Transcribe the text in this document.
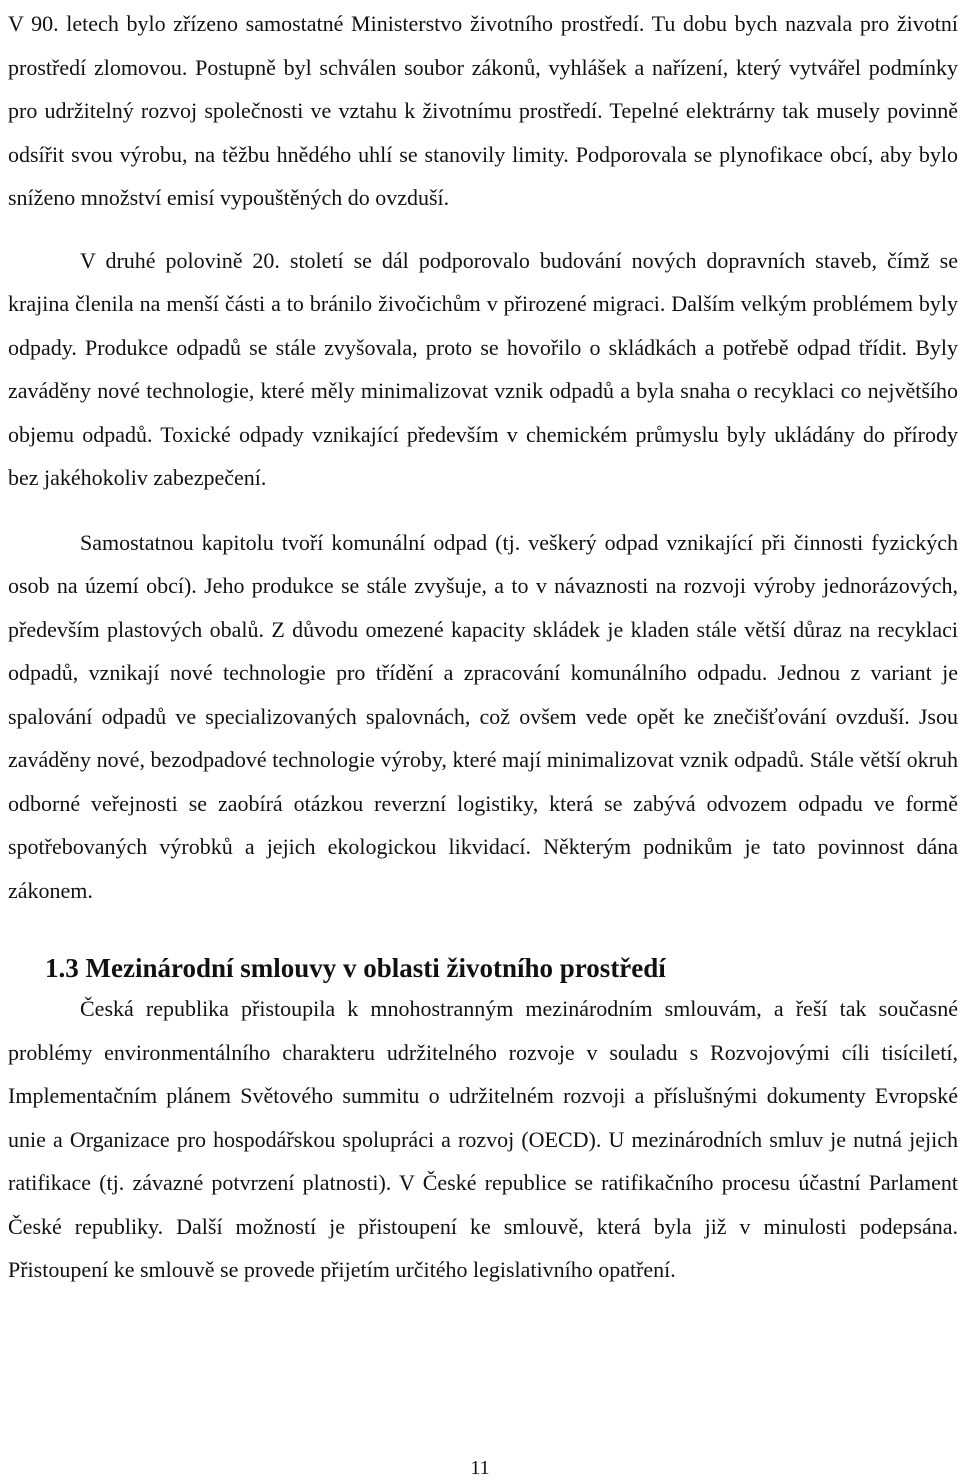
V 90. letech bylo zřízeno samostatné Ministerstvo životního prostředí. Tu dobu bych nazvala pro životní prostředí zlomovou. Postupně byl schválen soubor zákonů, vyhlášek a nařízení, který vytvářel podmínky pro udržitelný rozvoj společnosti ve vztahu k životnímu prostředí. Tepelné elektrárny tak musely povinně odsířit svou výrobu, na těžbu hnědého uhlí se stanovily limity. Podporovala se plynofikace obcí, aby bylo sníženo množství emisí vypouštěných do ovzduší.

V druhé polovině 20. století se dál podporovalo budování nových dopravních staveb, čímž se krajina členila na menší části a to bránilo živočichům v přirozené migraci. Dalším velkým problémem byly odpady. Produkce odpadů se stále zvyšovala, proto se hovořilo o skládkách a potřebě odpad třídit. Byly zaváděny nové technologie, které měly minimalizovat vznik odpadů a byla snaha o recyklaci co největšího objemu odpadů. Toxické odpady vznikající především v chemickém průmyslu byly ukládány do přírody bez jakéhokoliv zabezpečení.

Samostatnou kapitolu tvoří komunální odpad (tj. veškerý odpad vznikající při činnosti fyzických osob na území obcí). Jeho produkce se stále zvyšuje, a to v návaznosti na rozvoji výroby jednorázových, především plastových obalů. Z důvodu omezené kapacity skládek je kladen stále větší důraz na recyklaci odpadů, vznikají nové technologie pro třídění a zpracování komunálního odpadu. Jednou z variant je spalování odpadů ve specializovaných spalovnách, což ovšem vede opět ke znečišťování ovzduší. Jsou zaváděny nové, bezodpadové technologie výroby, které mají minimalizovat vznik odpadů. Stále větší okruh odborné veřejnosti se zaobírá otázkou reverzní logistiky, která se zabývá odvozem odpadu ve formě spotřebovaných výrobků a jejich ekologickou likvidací. Některým podnikům je tato povinnost dána zákonem.

1.3 Mezinárodní smlouvy v oblasti životního prostředí

Česká republika přistoupila k mnohostranným mezinárodním smlouvám, a řeší tak současné problémy environmentálního charakteru udržitelného rozvoje v souladu s Rozvojovými cíli tisíciletí, Implementačním plánem Světového summitu o udržitelném rozvoji a příslušnými dokumenty Evropské unie a Organizace pro hospodářskou spolupráci a rozvoj (OECD). U mezinárodních smluv je nutná jejich ratifikace (tj. závazné potvrzení platnosti). V České republice se ratifikačního procesu účastní Parlament České republiky. Další možností je přistoupení ke smlouvě, která byla již v minulosti podepsána. Přistoupení ke smlouvě se provede přijetím určitého legislativního opatření.

11
